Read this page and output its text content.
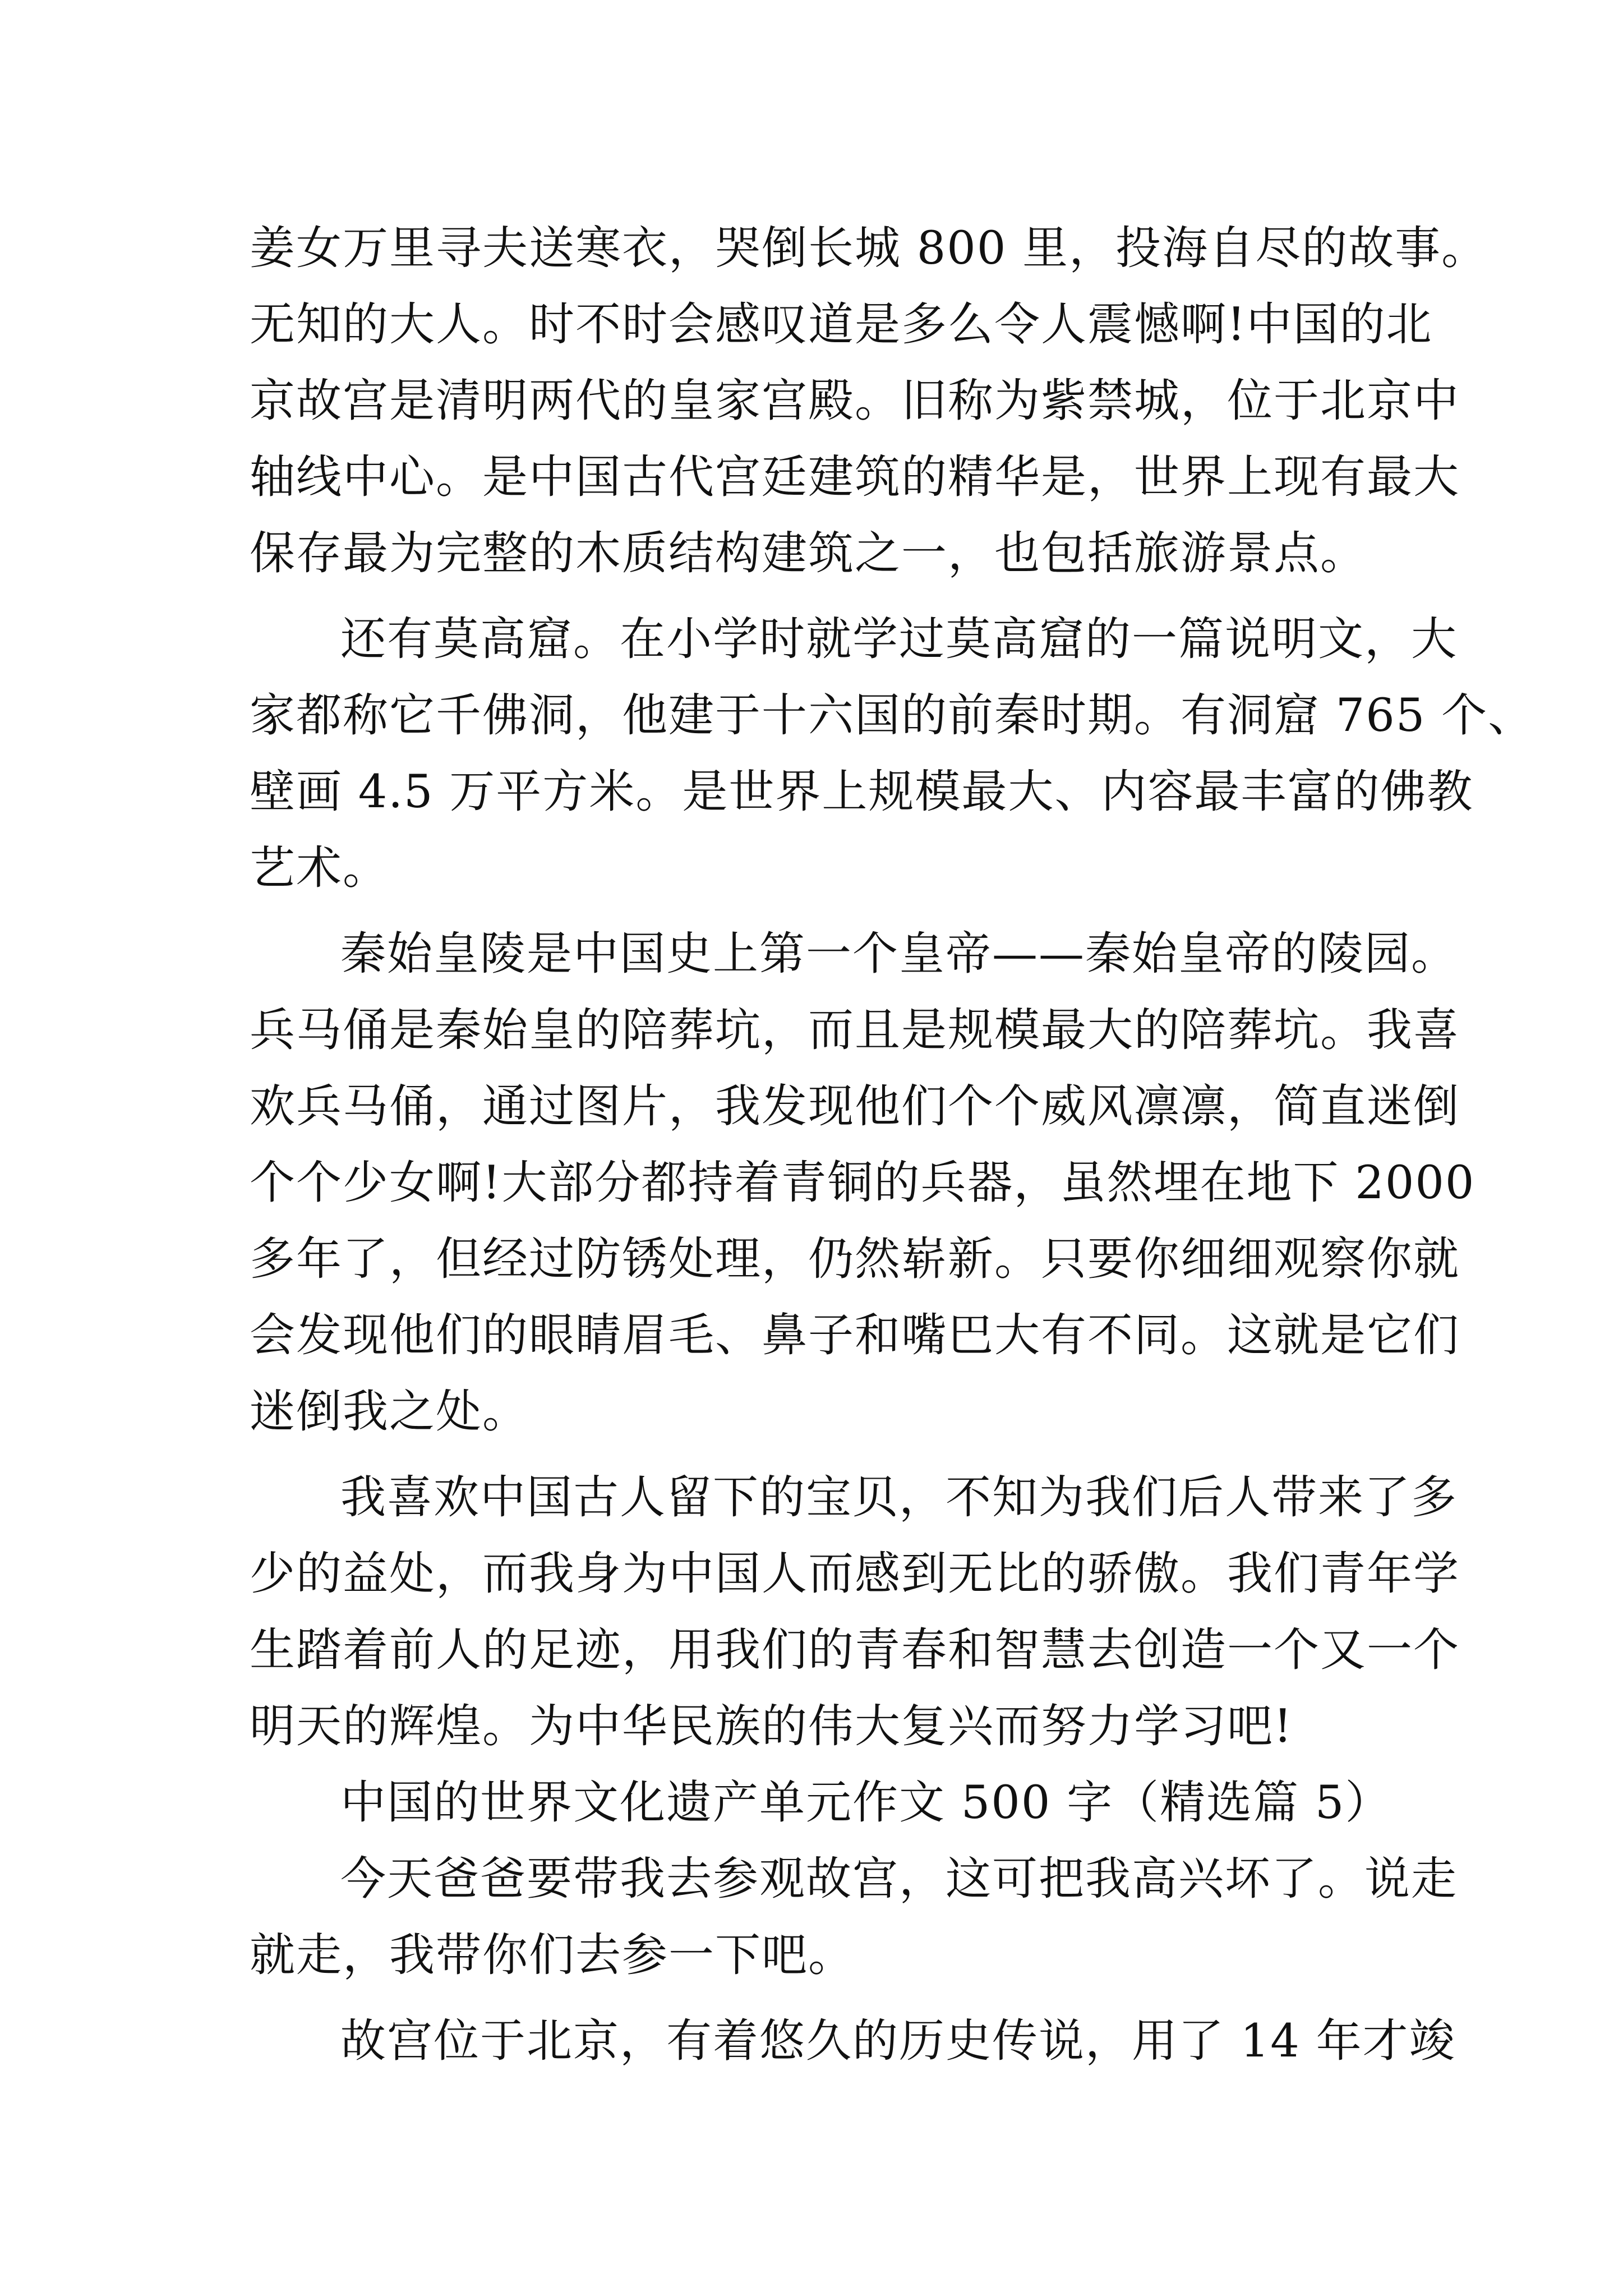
姜女万里寻夫送寒衣，哭倒长城 800 里，投海自尽的故事。
无知的大人。时不时会感叹道是多么令人震憾啊!中国的北
京故宫是清明两代的皇家宫殿。旧称为紫禁城，位于北京中
轴线中心。是中国古代宫廷建筑的精华是，世界上现有最大
保存最为完整的木质结构建筑之一，也包括旅游景点。
还有莫高窟。在小学时就学过莫高窟的一篇说明文，大
家都称它千佛洞，他建于十六国的前秦时期。有洞窟 765 个、
壁画 4.5 万平方米。是世界上规模最大、内容最丰富的佛教
艺术。
秦始皇陵是中国史上第一个皇帝——秦始皇帝的陵园。
兵马俑是秦始皇的陪葬坑，而且是规模最大的陪葬坑。我喜
欢兵马俑，通过图片，我发现他们个个威风凛凛，简直迷倒
个个少女啊!大部分都持着青铜的兵器，虽然埋在地下 2000
多年了，但经过防锈处理，仍然崭新。只要你细细观察你就
会发现他们的眼睛眉毛、鼻子和嘴巴大有不同。这就是它们
迷倒我之处。
我喜欢中国古人留下的宝贝，不知为我们后人带来了多
少的益处，而我身为中国人而感到无比的骄傲。我们青年学
生踏着前人的足迹，用我们的青春和智慧去创造一个又一个
明天的辉煌。为中华民族的伟大复兴而努力学习吧!
中国的世界文化遗产单元作文 500 字（精选篇 5）
今天爸爸要带我去参观故宫，这可把我高兴坏了。说走
就走，我带你们去参一下吧。
故宫位于北京，有着悠久的历史传说，用了 14 年才竣
